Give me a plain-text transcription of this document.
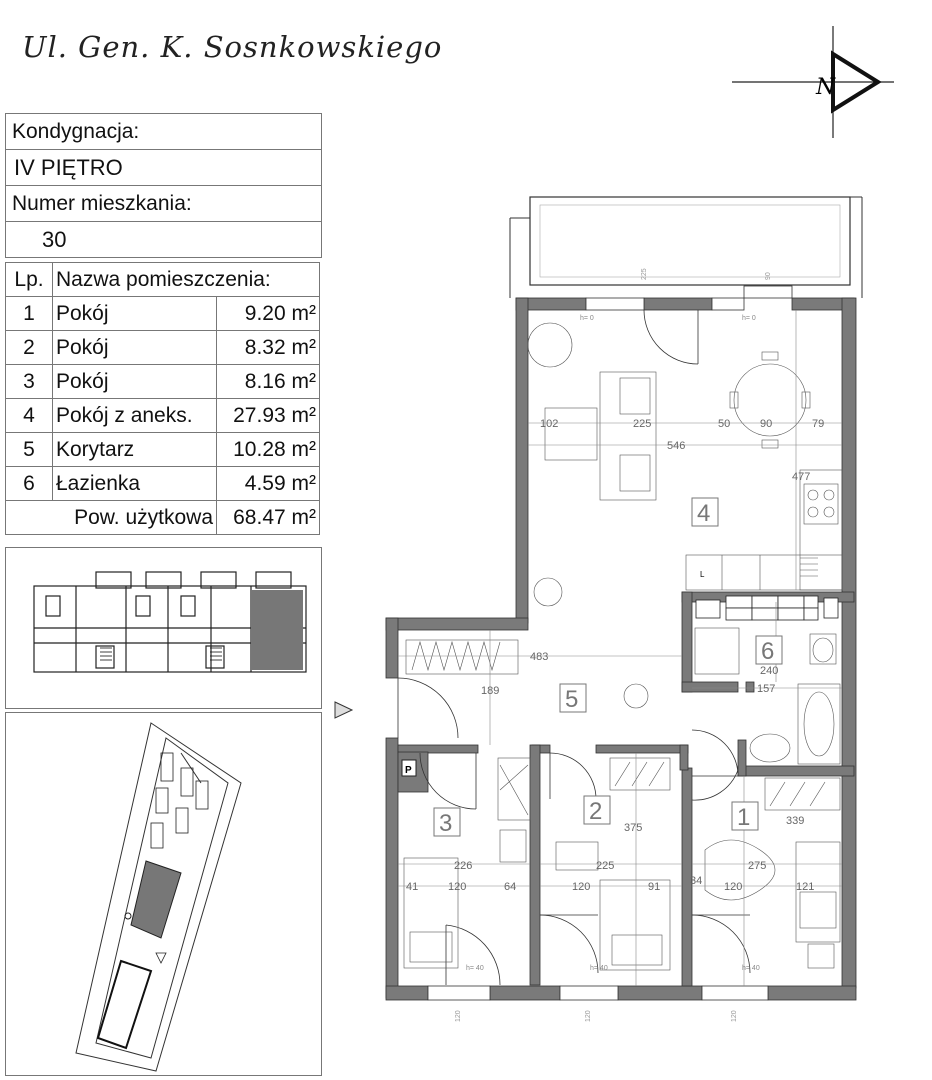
Ul. Gen. K. Sosnkowskiego
N
Kondygnacja:
IV PIĘTRO
Numer mieszkania:
30
Lp.	Nazwa pomieszczenia:	
1	Pokój	9.20 m²
2	Pokój	8.32 m²
3	Pokój	8.16 m²
4	Pokój z aneks.	27.93 m²
5	Korytarz	10.28 m²
6	Łazienka	4.59 m²
Pow. użytkowa		68.47 m²
P
L
102	225	50	90	79
546
477
483
189
240
157
375
339
226	225	275
41	120	64	120	91	34 120	121
h= 0	h= 0
h= 40	h= 40	h= 40
225	90
120	120	120
4
6
5
3	2	1
